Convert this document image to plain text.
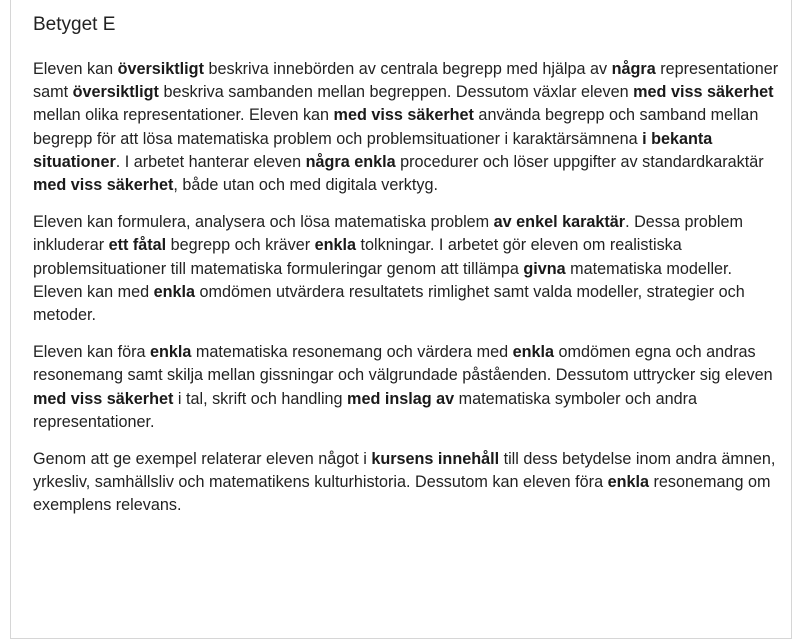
Betyget E

Eleven kan översiktligt beskriva innebörden av centrala begrepp med hjälpa av några representationer samt översiktligt beskriva sambanden mellan begreppen. Dessutom växlar eleven med viss säkerhet mellan olika representationer. Eleven kan med viss säkerhet använda begrepp och samband mellan begrepp för att lösa matematiska problem och problemsituationer i karaktärsämnena i bekanta situationer. I arbetet hanterar eleven några enkla procedurer och löser uppgifter av standardkaraktär med viss säkerhet, både utan och med digitala verktyg.

Eleven kan formulera, analysera och lösa matematiska problem av enkel karaktär. Dessa problem inkluderar ett fåtal begrepp och kräver enkla tolkningar. I arbetet gör eleven om realistiska problemsituationer till matematiska formuleringar genom att tillämpa givna matematiska modeller. Eleven kan med enkla omdömen utvärdera resultatets rimlighet samt valda modeller, strategier och metoder.

Eleven kan föra enkla matematiska resonemang och värdera med enkla omdömen egna och andras resonemang samt skilja mellan gissningar och välgrundade påståenden. Dessutom uttrycker sig eleven med viss säkerhet i tal, skrift och handling med inslag av matematiska symboler och andra representationer.

Genom att ge exempel relaterar eleven något i kursens innehåll till dess betydelse inom andra ämnen, yrkesliv, samhällsliv och matematikens kulturhistoria. Dessutom kan eleven föra enkla resonemang om exemplens relevans.
